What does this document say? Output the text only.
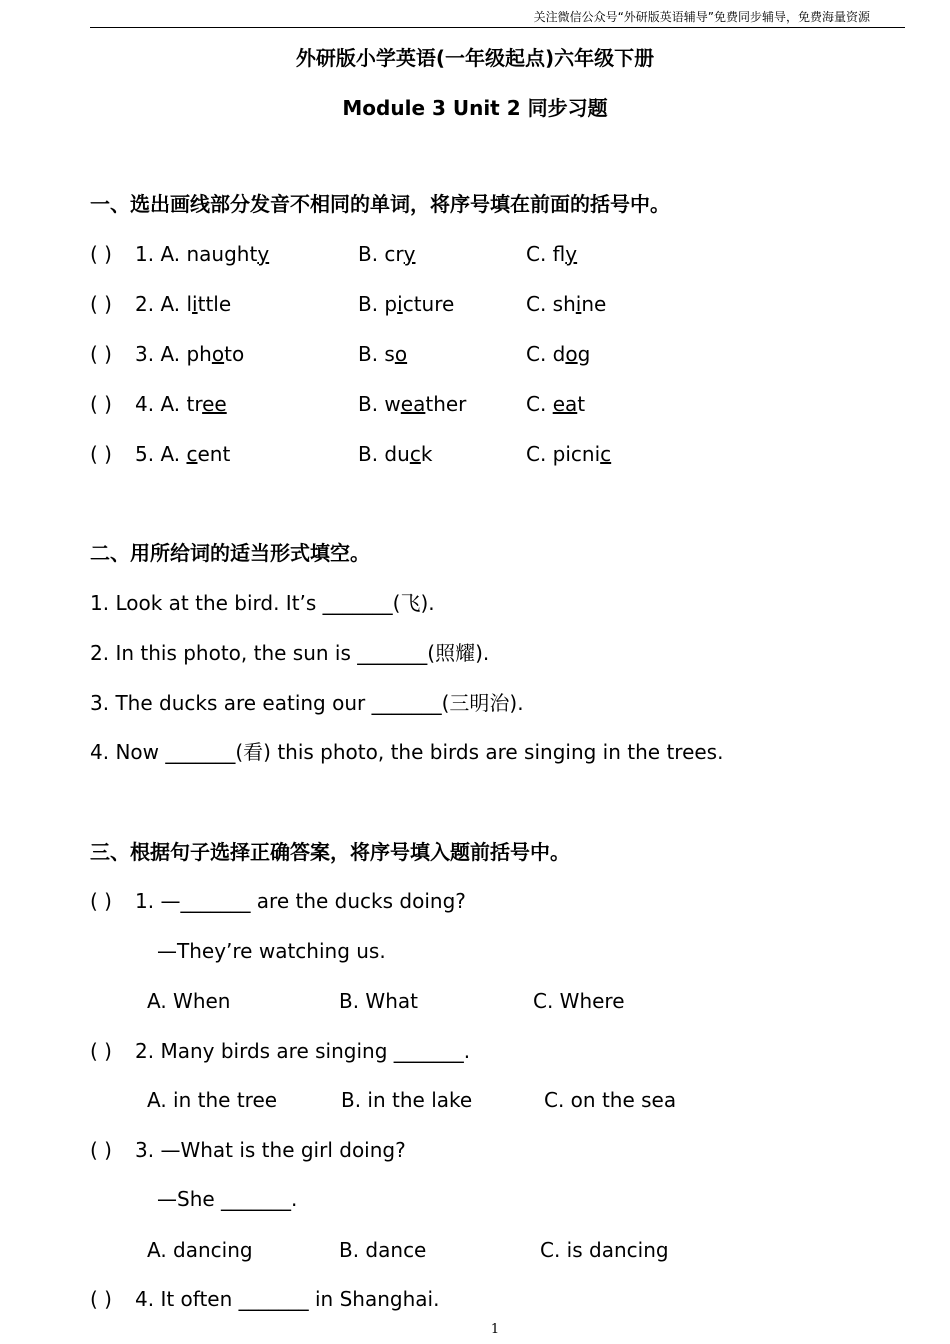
关注微信公众号“外研版英语辅导”免费同步辅导，免费海量资源
外研版小学英语(一年级起点)六年级下册
Module 3 Unit 2 同步习题
一、选出画线部分发音不相同的单词，将序号填在前面的括号中。
( ) 1. A. naughty	B. cry	C. fly
( ) 2. A. little	B. picture	C. shine
( ) 3. A. photo	B. so	C. dog
( ) 4. A. tree	B. weather	C. eat
( ) 5. A. cent	B. duck	C. picnic
二、用所给词的适当形式填空。
1. Look at the bird. It’s _______(飞).
2. In this photo, the sun is _______(照耀).
3. The ducks are eating our _______(三明治).
4. Now _______(看) this photo, the birds are singing in the trees.
三、根据句子选择正确答案，将序号填入题前括号中。
( ) 1. —_______ are the ducks doing?
—They’re watching us.
A. When	B. What	C. Where
( ) 2. Many birds are singing _______.
A. in the tree	B. in the lake	C. on the sea
( ) 3. —What is the girl doing?
—She _______.
A. dancing	B. dance	C. is dancing
( ) 4. It often _______ in Shanghai.
1
